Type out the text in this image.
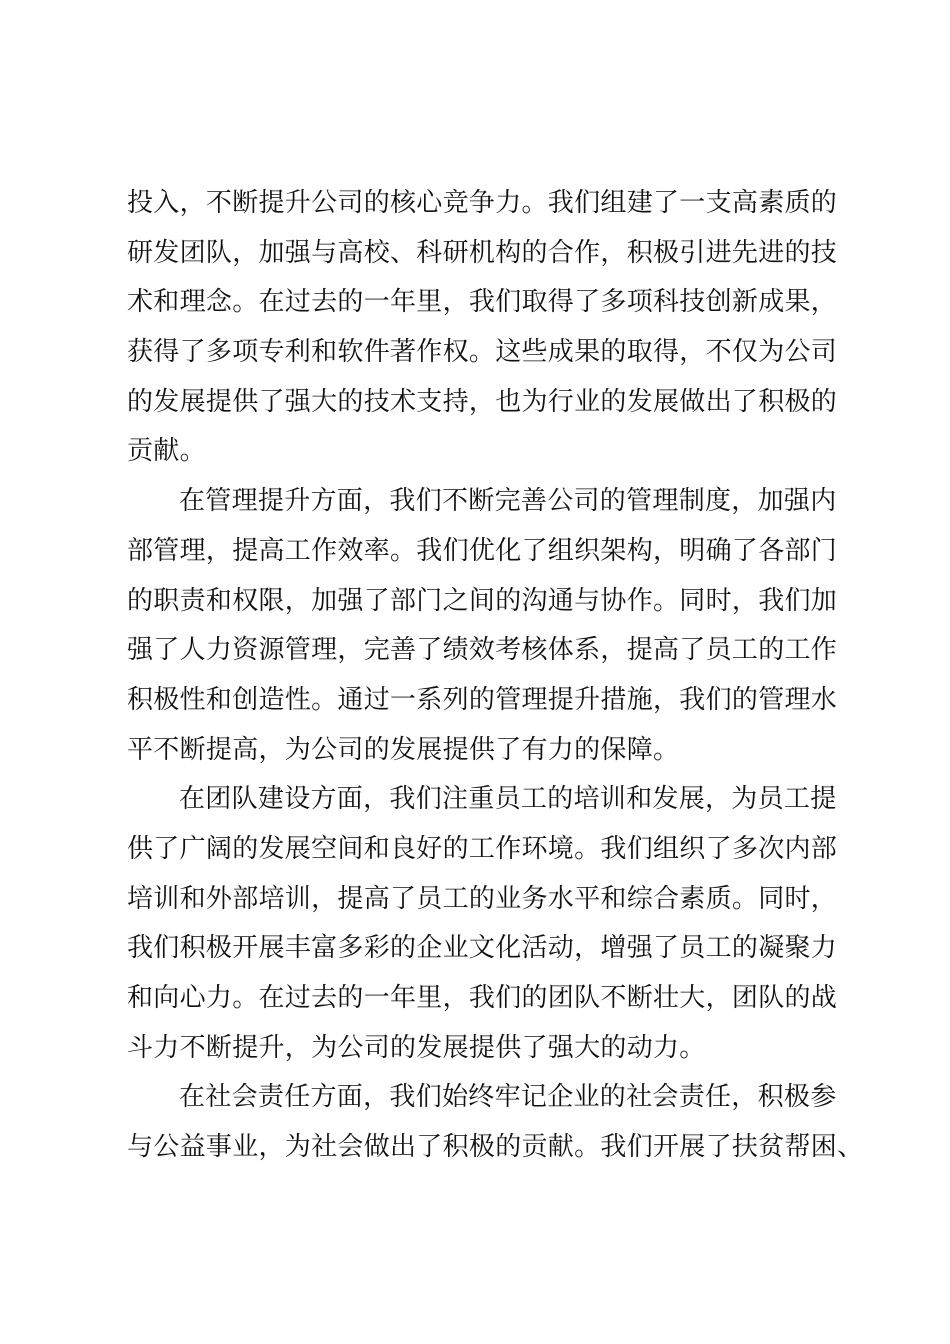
投入，不断提升公司的核心竞争力。我们组建了一支高素质的
研发团队，加强与高校、科研机构的合作，积极引进先进的技
术和理念。在过去的一年里，我们取得了多项科技创新成果，
获得了多项专利和软件著作权。这些成果的取得，不仅为公司
的发展提供了强大的技术支持，也为行业的发展做出了积极的
贡献。
在管理提升方面，我们不断完善公司的管理制度，加强内
部管理，提高工作效率。我们优化了组织架构，明确了各部门
的职责和权限，加强了部门之间的沟通与协作。同时，我们加
强了人力资源管理，完善了绩效考核体系，提高了员工的工作
积极性和创造性。通过一系列的管理提升措施，我们的管理水
平不断提高，为公司的发展提供了有力的保障。
在团队建设方面，我们注重员工的培训和发展，为员工提
供了广阔的发展空间和良好的工作环境。我们组织了多次内部
培训和外部培训，提高了员工的业务水平和综合素质。同时，
我们积极开展丰富多彩的企业文化活动，增强了员工的凝聚力
和向心力。在过去的一年里，我们的团队不断壮大，团队的战
斗力不断提升，为公司的发展提供了强大的动力。
在社会责任方面，我们始终牢记企业的社会责任，积极参
与公益事业，为社会做出了积极的贡献。我们开展了扶贫帮困、
